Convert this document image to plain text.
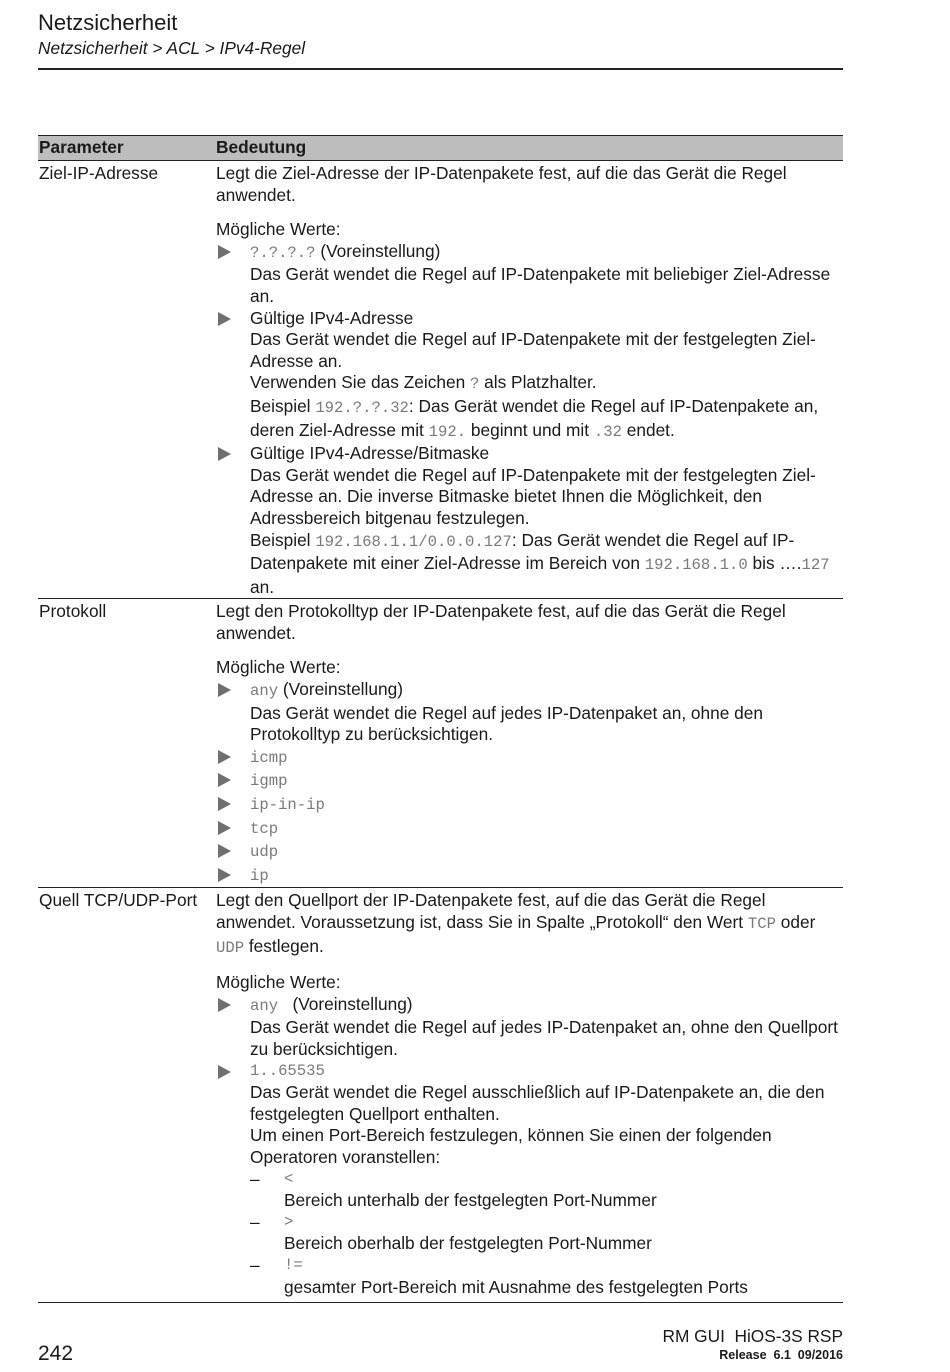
Netzsicherheit
Netzsicherheit > ACL > IPv4-Regel
Parameter	Bedeutung
Ziel-IP-Adresse	Legt die Ziel-Adresse der IP-Datenpakete fest, auf die das Gerät die Regel anwendet.

Mögliche Werte:
?.?.?.? (Voreinstellung)
Das Gerät wendet die Regel auf IP-Datenpakete mit beliebiger Ziel-Adresse an.
Gültige IPv4-Adresse
Das Gerät wendet die Regel auf IP-Datenpakete mit der festgelegten Ziel-Adresse an.
Verwenden Sie das Zeichen ? als Platzhalter.
Beispiel 192.?.?.32: Das Gerät wendet die Regel auf IP-Datenpakete an, deren Ziel-Adresse mit 192. beginnt und mit .32 endet.
Gültige IPv4-Adresse/Bitmaske
Das Gerät wendet die Regel auf IP-Datenpakete mit der festgelegten Ziel-Adresse an. Die inverse Bitmaske bietet Ihnen die Möglichkeit, den Adressbereich bitgenau festzulegen.
Beispiel 192.168.1.1/0.0.0.127: Das Gerät wendet die Regel auf IP-Datenpakete mit einer Ziel-Adresse im Bereich von 192.168.1.0 bis ….127 an.
Protokoll	Legt den Protokolltyp der IP-Datenpakete fest, auf die das Gerät die Regel anwendet.

Mögliche Werte:
any (Voreinstellung)
Das Gerät wendet die Regel auf jedes IP-Datenpaket an, ohne den Protokolltyp zu berücksichtigen.
icmp
igmp
ip-in-ip
tcp
udp
ip
Quell TCP/UDP-Port	Legt den Quellport der IP-Datenpakete fest, auf die das Gerät die Regel anwendet. Voraussetzung ist, dass Sie in Spalte „Protokoll“ den Wert TCP oder UDP festlegen.

Mögliche Werte:
any   (Voreinstellung)
Das Gerät wendet die Regel auf jedes IP-Datenpaket an, ohne den Quellport zu berücksichtigen.
1..65535
Das Gerät wendet die Regel ausschließlich auf IP-Datenpakete an, die den festgelegten Quellport enthalten.
Um einen Port-Bereich festzulegen, können Sie einen der folgenden Operatoren voranstellen:
– <
Bereich unterhalb der festgelegten Port-Nummer
– >
Bereich oberhalb der festgelegten Port-Nummer
– !=
gesamter Port-Bereich mit Ausnahme des festgelegten Ports
RM GUI  HiOS-3S RSP
Release  6.1  09/2016
242
